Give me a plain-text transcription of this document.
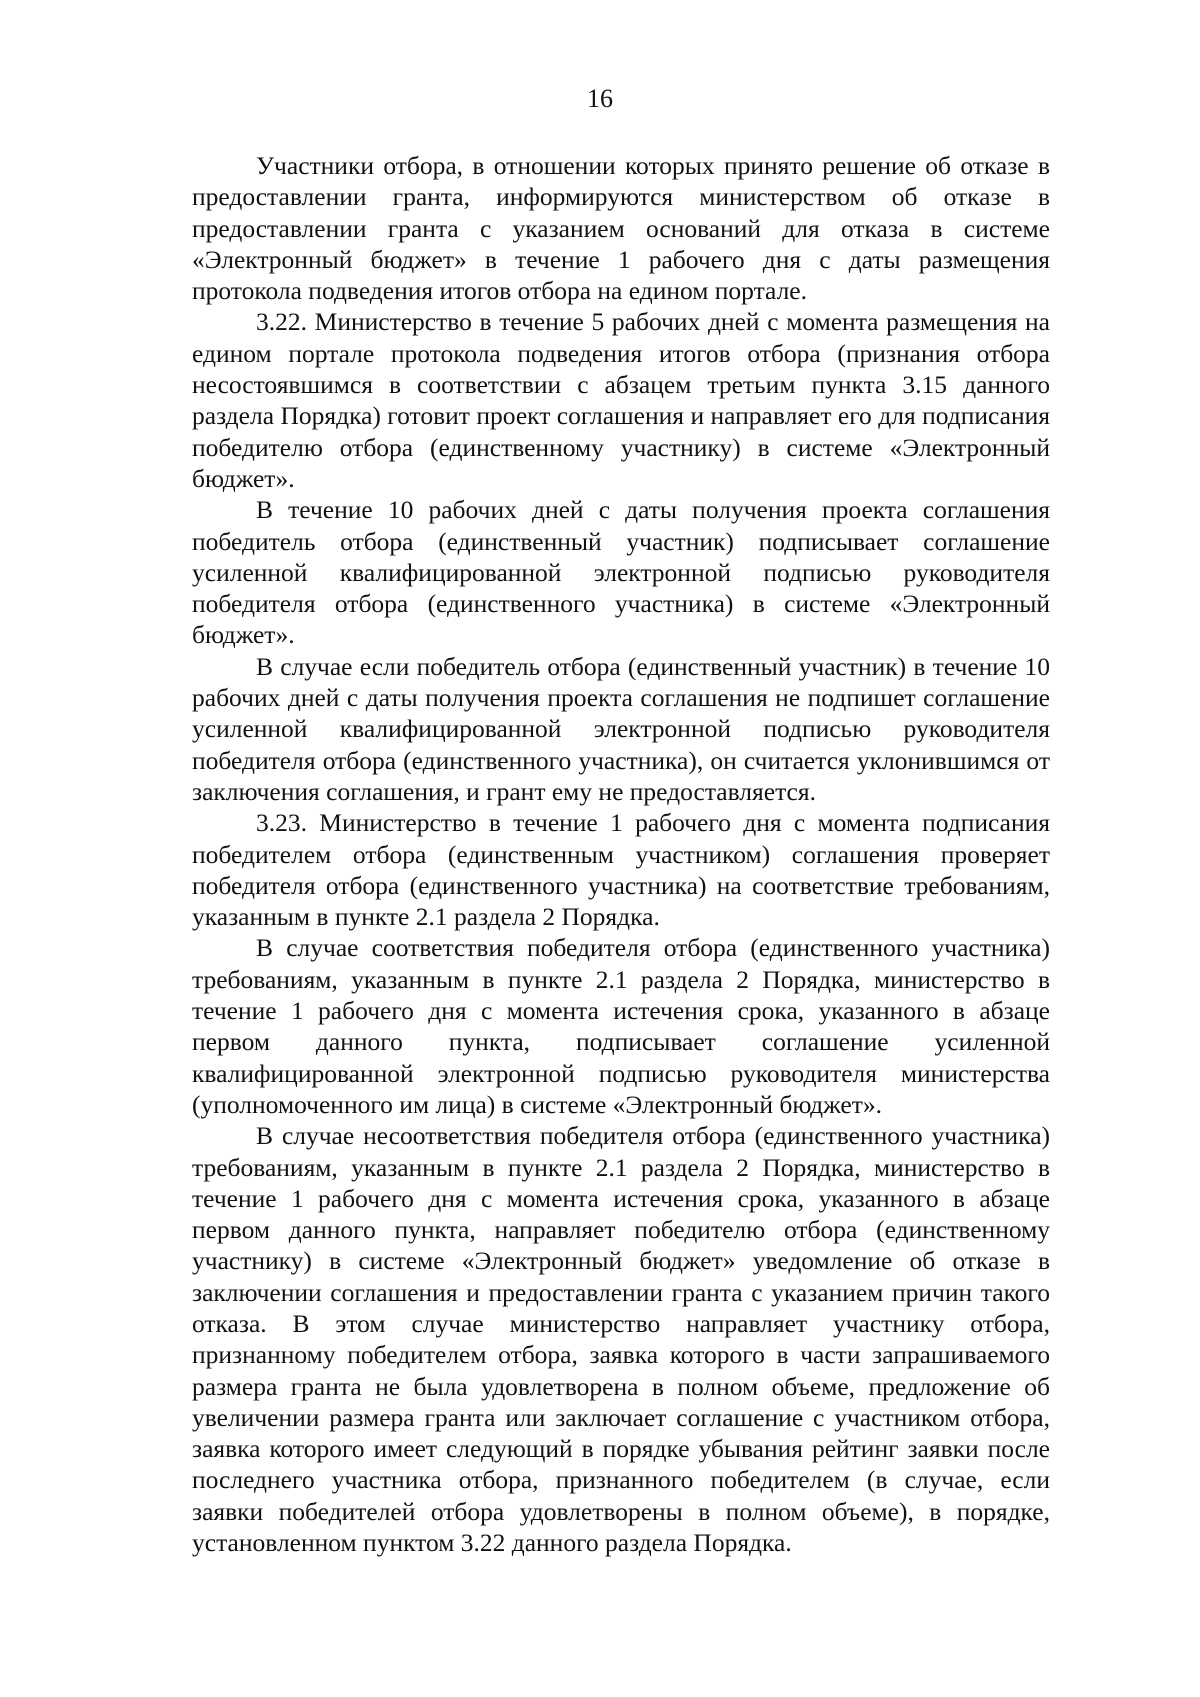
16

Участники отбора, в отношении которых принято решение об отказе в предоставлении гранта, информируются министерством об отказе в предоставлении гранта с указанием оснований для отказа в системе «Электронный бюджет» в течение 1 рабочего дня с даты размещения протокола подведения итогов отбора на едином портале.

3.22. Министерство в течение 5 рабочих дней с момента размещения на едином портале протокола подведения итогов отбора (признания отбора несостоявшимся в соответствии с абзацем третьим пункта 3.15 данного раздела Порядка) готовит проект соглашения и направляет его для подписания победителю отбора (единственному участнику) в системе «Электронный бюджет».

В течение 10 рабочих дней с даты получения проекта соглашения победитель отбора (единственный участник) подписывает соглашение усиленной квалифицированной электронной подписью руководителя победителя отбора (единственного участника) в системе «Электронный бюджет».

В случае если победитель отбора (единственный участник) в течение 10 рабочих дней с даты получения проекта соглашения не подпишет соглашение усиленной квалифицированной электронной подписью руководителя победителя отбора (единственного участника), он считается уклонившимся от заключения соглашения, и грант ему не предоставляется.

3.23. Министерство в течение 1 рабочего дня с момента подписания победителем отбора (единственным участником) соглашения проверяет победителя отбора (единственного участника) на соответствие требованиям, указанным в пункте 2.1 раздела 2 Порядка.

В случае соответствия победителя отбора (единственного участника) требованиям, указанным в пункте 2.1 раздела 2 Порядка, министерство в течение 1 рабочего дня с момента истечения срока, указанного в абзаце первом данного пункта, подписывает соглашение усиленной квалифицированной электронной подписью руководителя министерства (уполномоченного им лица) в системе «Электронный бюджет».

В случае несоответствия победителя отбора (единственного участника) требованиям, указанным в пункте 2.1 раздела 2 Порядка, министерство в течение 1 рабочего дня с момента истечения срока, указанного в абзаце первом данного пункта, направляет победителю отбора (единственному участнику) в системе «Электронный бюджет» уведомление об отказе в заключении соглашения и предоставлении гранта с указанием причин такого отказа. В этом случае министерство направляет участнику отбора, признанному победителем отбора, заявка которого в части запрашиваемого размера гранта не была удовлетворена в полном объеме, предложение об увеличении размера гранта или заключает соглашение с участником отбора, заявка которого имеет следующий в порядке убывания рейтинг заявки после последнего участника отбора, признанного победителем (в случае, если заявки победителей отбора удовлетворены в полном объеме), в порядке, установленном пунктом 3.22 данного раздела Порядка.
